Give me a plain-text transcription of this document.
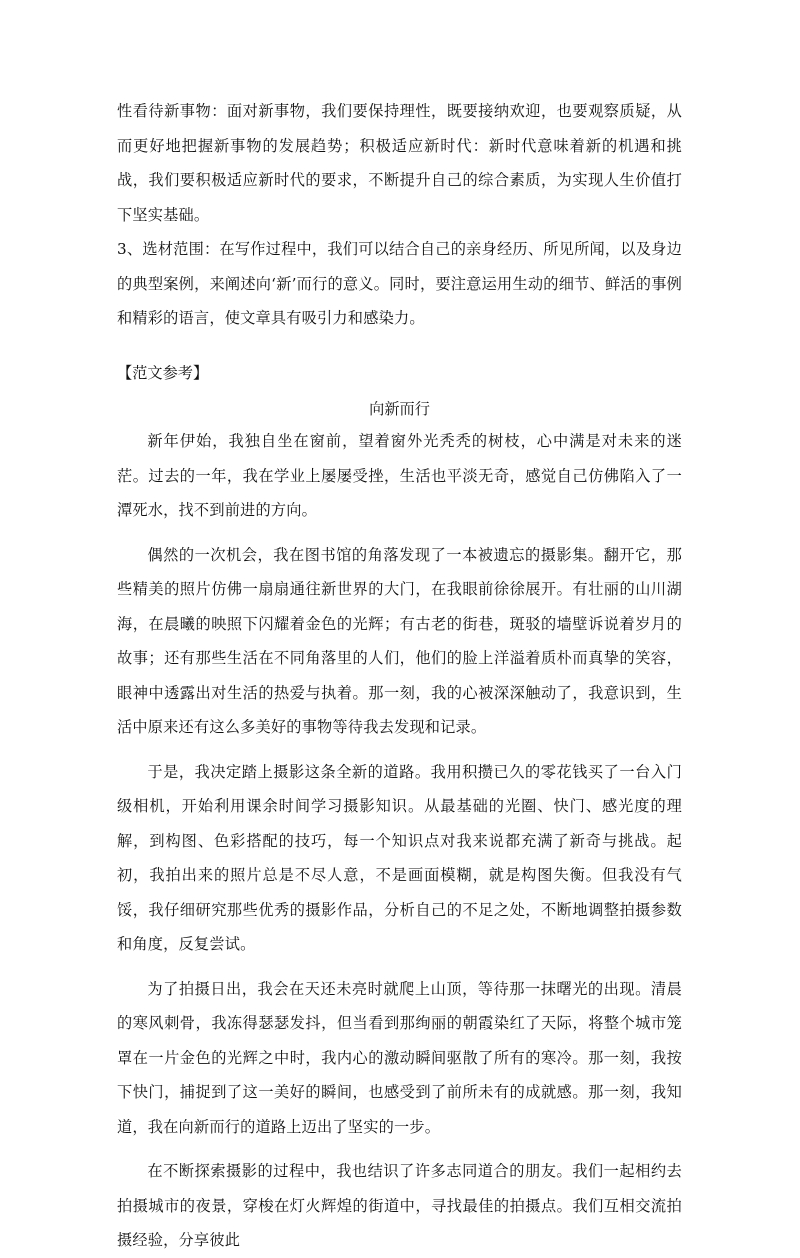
性看待新事物：面对新事物，我们要保持理性，既要接纳欢迎，也要观察质疑，从而更好地把握新事物的发展趋势；积极适应新时代：新时代意味着新的机遇和挑战，我们要积极适应新时代的要求，不断提升自己的综合素质，为实现人生价值打下坚实基础。

3、选材范围：在写作过程中，我们可以结合自己的亲身经历、所见所闻，以及身边的典型案例，来阐述向‘新’而行的意义。同时，要注意运用生动的细节、鲜活的事例和精彩的语言，使文章具有吸引力和感染力。

【范文参考】

向新而行

新年伊始，我独自坐在窗前，望着窗外光秃秃的树枝，心中满是对未来的迷茫。过去的一年，我在学业上屡屡受挫，生活也平淡无奇，感觉自己仿佛陷入了一潭死水，找不到前进的方向。

偶然的一次机会，我在图书馆的角落发现了一本被遗忘的摄影集。翻开它，那些精美的照片仿佛一扇扇通往新世界的大门，在我眼前徐徐展开。有壮丽的山川湖海，在晨曦的映照下闪耀着金色的光辉；有古老的街巷，斑驳的墙壁诉说着岁月的故事；还有那些生活在不同角落里的人们，他们的脸上洋溢着质朴而真挚的笑容，眼神中透露出对生活的热爱与执着。那一刻，我的心被深深触动了，我意识到，生活中原来还有这么多美好的事物等待我去发现和记录。

于是，我决定踏上摄影这条全新的道路。我用积攒已久的零花钱买了一台入门级相机，开始利用课余时间学习摄影知识。从最基础的光圈、快门、感光度的理解，到构图、色彩搭配的技巧，每一个知识点对我来说都充满了新奇与挑战。起初，我拍出来的照片总是不尽人意，不是画面模糊，就是构图失衡。但我没有气馁，我仔细研究那些优秀的摄影作品，分析自己的不足之处，不断地调整拍摄参数和角度，反复尝试。

为了拍摄日出，我会在天还未亮时就爬上山顶，等待那一抹曙光的出现。清晨的寒风刺骨，我冻得瑟瑟发抖，但当看到那绚丽的朝霞染红了天际，将整个城市笼罩在一片金色的光辉之中时，我内心的激动瞬间驱散了所有的寒冷。那一刻，我按下快门，捕捉到了这一美好的瞬间，也感受到了前所未有的成就感。那一刻，我知道，我在向新而行的道路上迈出了坚实的一步。

在不断探索摄影的过程中，我也结识了许多志同道合的朋友。我们一起相约去拍摄城市的夜景，穿梭在灯火辉煌的街道中，寻找最佳的拍摄点。我们互相交流拍摄经验，分享彼此
